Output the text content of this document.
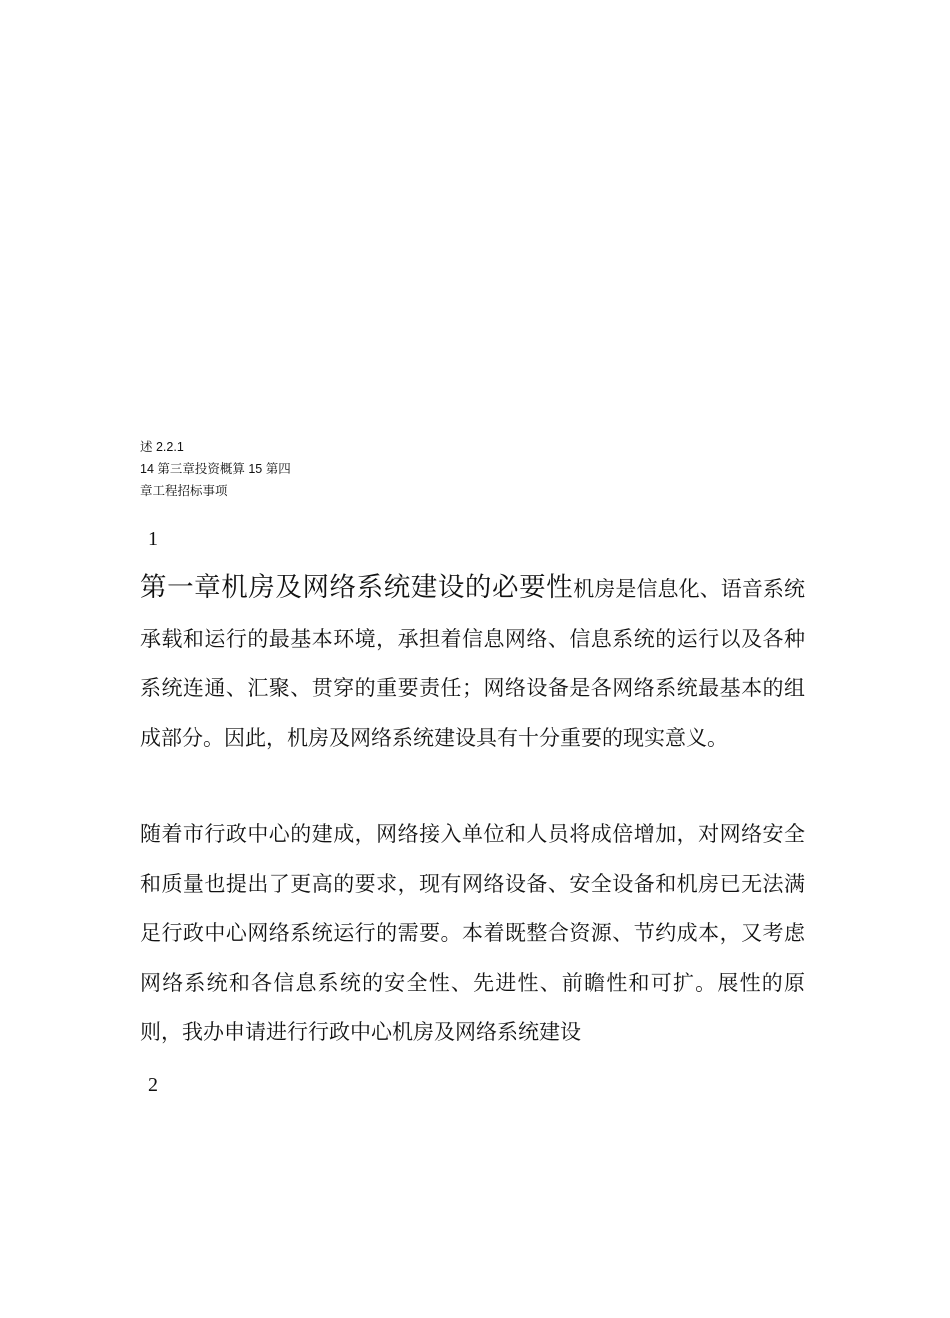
述 2.2.1
14 第三章投资概算 15 第四
章工程招标事项
1

第一章机房及网络系统建设的必要性机房是信息化、语音系统承载和运行的最基本环境，承担着信息网络、信息系统的运行以及各种系统连通、汇聚、贯穿的重要责任；网络设备是各网络系统最基本的组成部分。因此，机房及网络系统建设具有十分重要的现实意义。

随着市行政中心的建成，网络接入单位和人员将成倍增加，对网络安全和质量也提出了更高的要求，现有网络设备、安全设备和机房已无法满足行政中心网络系统运行的需要。本着既整合资源、节约成本，又考虑网络系统和各信息系统的安全性、先进性、前瞻性和可扩。展性的原则，我办申请进行行政中心机房及网络系统建设

2
